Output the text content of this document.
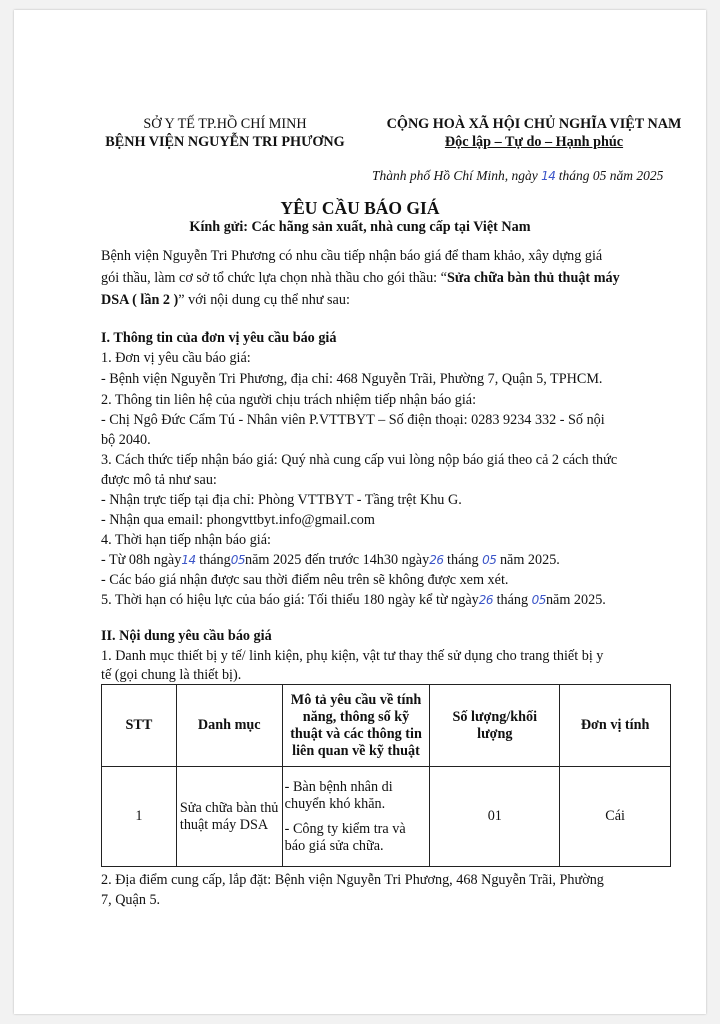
SỞ Y TẾ TP.HỒ CHÍ MINH
BỆNH VIỆN NGUYỄN TRI PHƯƠNG
CỘNG HOÀ XÃ HỘI CHỦ NGHĨA VIỆT NAM
Độc lập – Tự do – Hạnh phúc
Thành phố Hồ Chí Minh, ngày 14 tháng 05 năm 2025
YÊU CẦU BÁO GIÁ
Kính gửi: Các hãng sản xuất, nhà cung cấp tại Việt Nam
Bệnh viện Nguyễn Tri Phương có nhu cầu tiếp nhận báo giá để tham khảo, xây dựng giá
gói thầu, làm cơ sở tổ chức lựa chọn nhà thầu cho gói thầu: “Sửa chữa bàn thủ thuật máy
DSA ( lần 2 )” với nội dung cụ thể như sau:
I. Thông tin của đơn vị yêu cầu báo giá
1. Đơn vị yêu cầu báo giá:
- Bệnh viện Nguyễn Tri Phương, địa chỉ: 468 Nguyễn Trãi, Phường 7, Quận 5, TPHCM.
2. Thông tin liên hệ của người chịu trách nhiệm tiếp nhận báo giá:
- Chị Ngô Đức Cẩm Tú - Nhân viên P.VTTBYT – Số điện thoại: 0283 9234 332 - Số nội
bộ 2040.
3. Cách thức tiếp nhận báo giá: Quý nhà cung cấp vui lòng nộp báo giá theo cả 2 cách thức
được mô tả như sau:
- Nhận trực tiếp tại địa chỉ: Phòng VTTBYT - Tầng trệt Khu G.
- Nhận qua email: phongvttbyt.info@gmail.com
4. Thời hạn tiếp nhận báo giá:
- Từ 08h ngày14 tháng05năm 2025 đến trước 14h30 ngày26 tháng 05 năm 2025.
- Các báo giá nhận được sau thời điểm nêu trên sẽ không được xem xét.
5. Thời hạn có hiệu lực của báo giá: Tối thiểu 180 ngày kể từ ngày26 tháng 05năm 2025.
II. Nội dung yêu cầu báo giá
1. Danh mục thiết bị y tế/ linh kiện, phụ kiện, vật tư thay thế sử dụng cho trang thiết bị y
tế (gọi chung là thiết bị).
STT	Danh mục	Mô tả yêu cầu về tính năng, thông số kỹ thuật và các thông tin liên quan về kỹ thuật	Số lượng/khối lượng	Đơn vị tính
1	Sửa chữa bàn thủ thuật máy DSA	- Bàn bệnh nhân di chuyển khó khăn.
- Công ty kiểm tra và báo giá sửa chữa.	01	Cái
2. Địa điểm cung cấp, lắp đặt: Bệnh viện Nguyễn Tri Phương, 468 Nguyễn Trãi, Phường
7, Quận 5.
